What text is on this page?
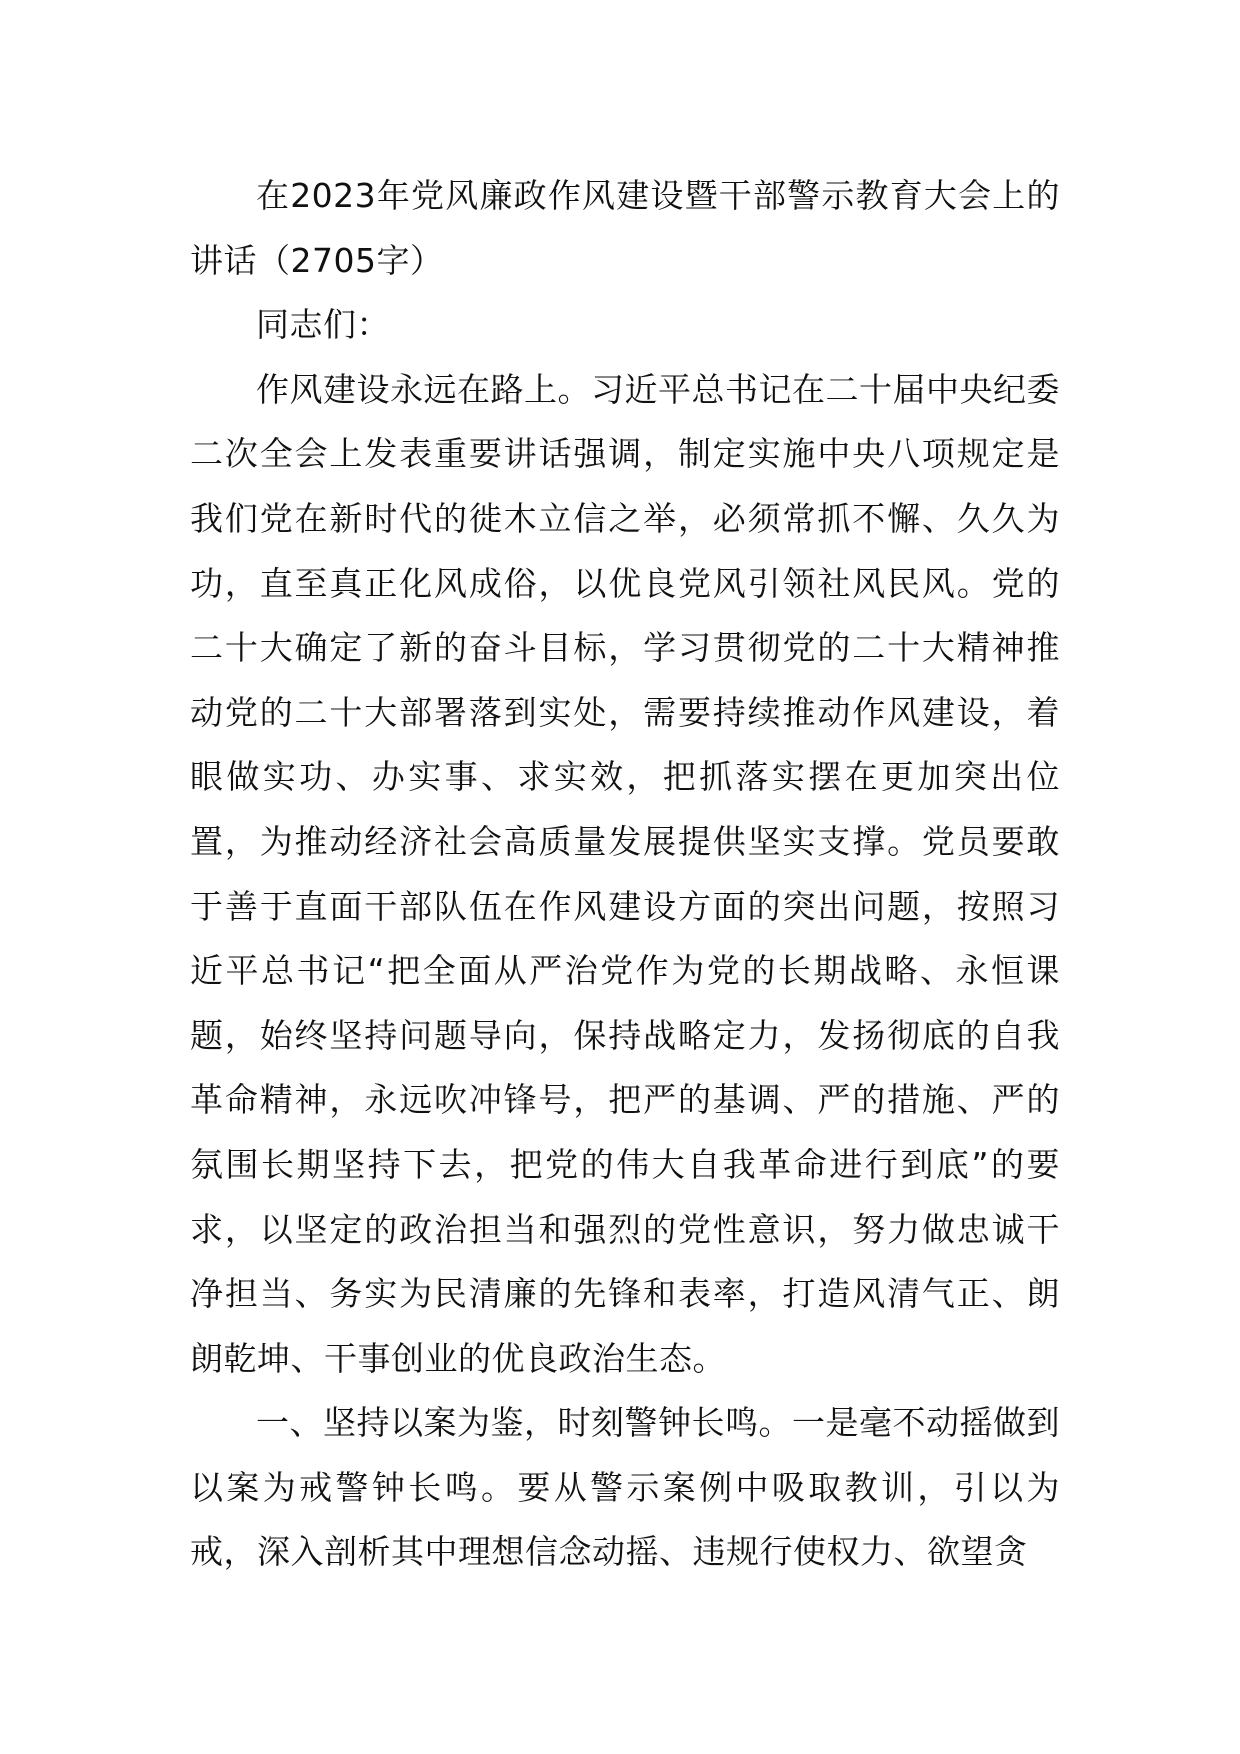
在2023年党风廉政作风建设暨干部警示教育大会上的讲话（2705字）

同志们：

作风建设永远在路上。习近平总书记在二十届中央纪委二次全会上发表重要讲话强调，制定实施中央八项规定是我们党在新时代的徙木立信之举，必须常抓不懈、久久为功，直至真正化风成俗，以优良党风引领社风民风。党的二十大确定了新的奋斗目标，学习贯彻党的二十大精神推动党的二十大部署落到实处，需要持续推动作风建设，着眼做实功、办实事、求实效，把抓落实摆在更加突出位置，为推动经济社会高质量发展提供坚实支撑。党员要敢于善于直面干部队伍在作风建设方面的突出问题，按照习近平总书记“把全面从严治党作为党的长期战略、永恒课题，始终坚持问题导向，保持战略定力，发扬彻底的自我革命精神，永远吹冲锋号，把严的基调、严的措施、严的氛围长期坚持下去，把党的伟大自我革命进行到底”的要求，以坚定的政治担当和强烈的党性意识，努力做忠诚干净担当、务实为民清廉的先锋和表率，打造风清气正、朗朗乾坤、干事创业的优良政治生态。

一、坚持以案为鉴，时刻警钟长鸣。一是毫不动摇做到以案为戒警钟长鸣。要从警示案例中吸取教训，引以为戒，深入剖析其中理想信念动摇、违规行使权力、欲望贪
